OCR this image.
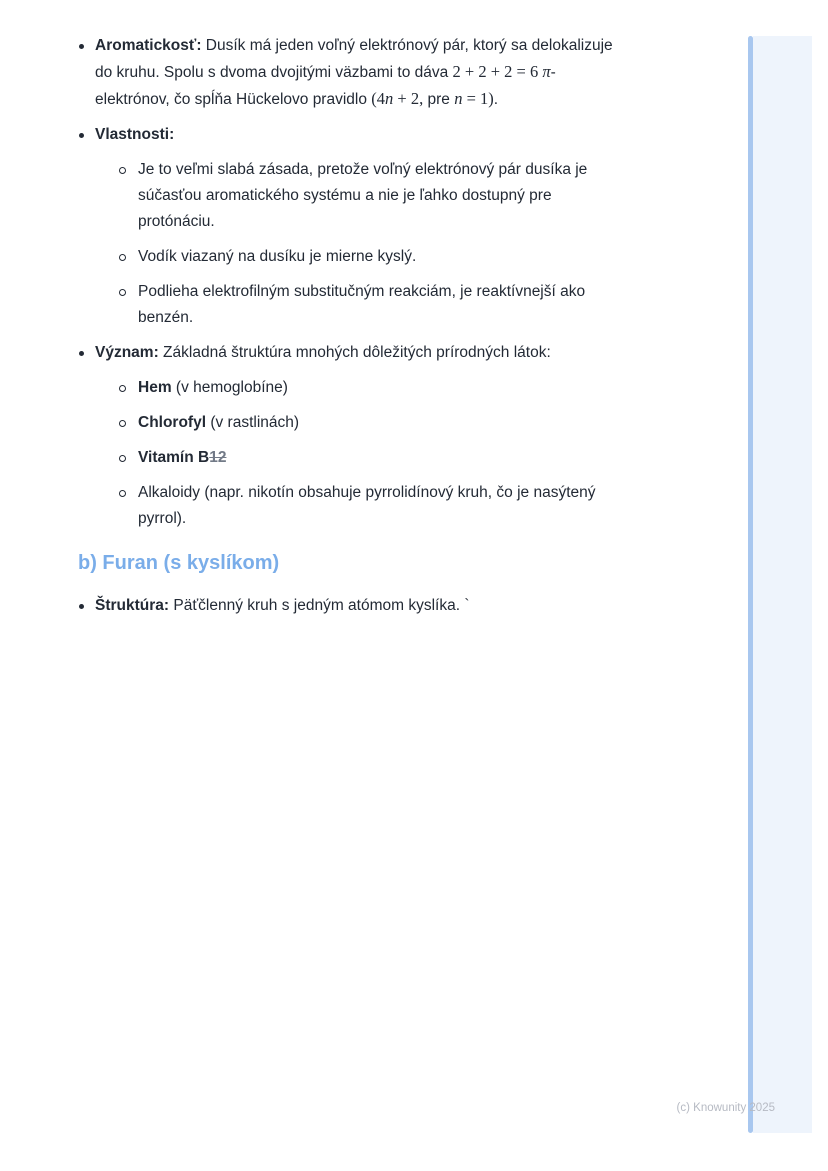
Aromatickosť: Dusík má jeden voľný elektrónový pár, ktorý sa delokalizuje do kruhu. Spolu s dvoma dvojitými väzbami to dáva 2 + 2 + 2 = 6 π-elektrónov, čo spĺňa Hückelovo pravidlo (4n + 2, pre n = 1).
Vlastnosti:
Je to veľmi slabá zásada, pretože voľný elektrónový pár dusíka je súčasťou aromatického systému a nie je ľahko dostupný pre protónáciu.
Vodík viazaný na dusíku je mierne kyslý.
Podlieha elektrofilným substitučným reakciám, je reaktívnejší ako benzén.
Význam: Základná štruktúra mnohých dôležitých prírodných látok:
Hem (v hemoglobíne)
Chlorofyl (v rastlinách)
Vitamín B12
Alkaloidy (napr. nikotín obsahuje pyrrolidínový kruh, čo je nasýtený pyrrol).
b) Furan (s kyslíkom)
Štruktúra: Päťčlenný kruh s jedným atómom kyslíka. `
(c) Knowunity 2025
